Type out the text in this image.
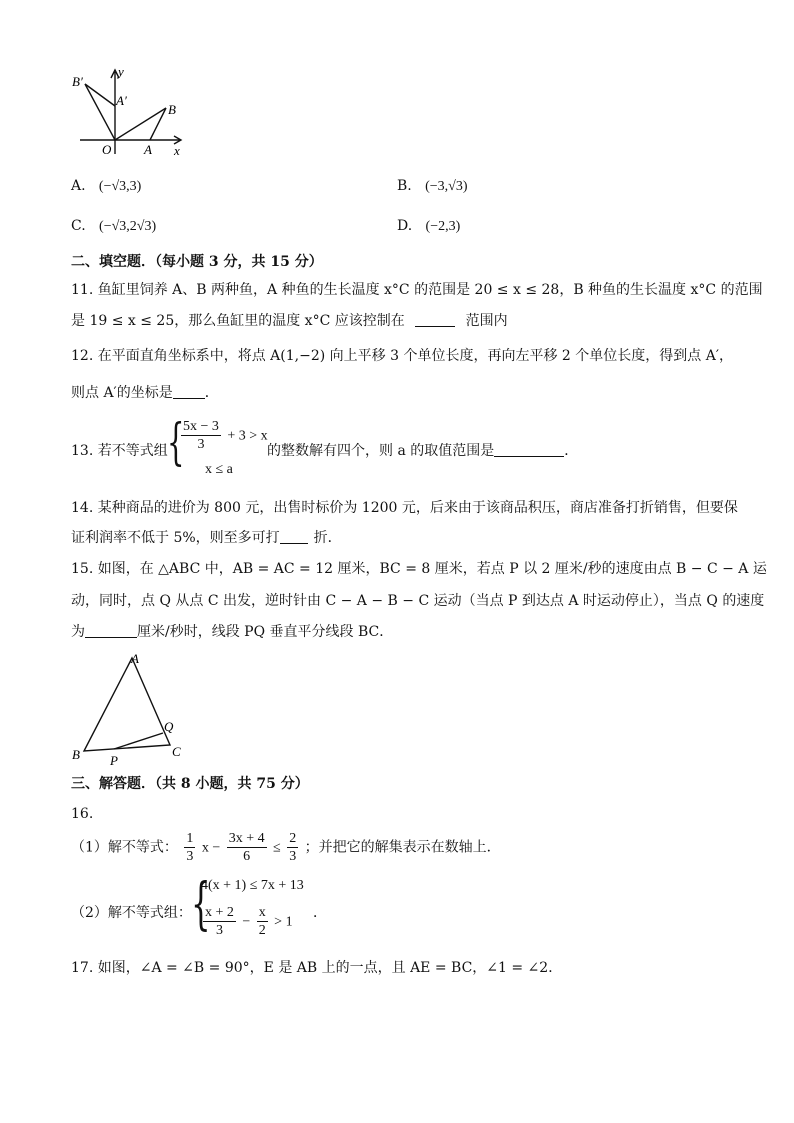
B′
y
A′
B
O	A x
A. (−√3,3)	B. (−3,√3)
C. (−√3,2√3)	D. (−2,3)
二、填空题．（每小题 3 分，共 15 分）
11. 鱼缸里饲养 A、B 两种鱼，A 种鱼的生长温度 x°C 的范围是 20 ≤ x ≤ 28，B 种鱼的生长温度 x°C 的范围
是 19 ≤ x ≤ 25，那么鱼缸里的温度 x°C 应该控制在	范围内
12. 在平面直角坐标系中，将点 A(1,−2) 向上平移 3 个单位长度，再向左平移 2 个单位长度，得到点 A′，
则点 A′的坐标是 ．
13. 若不等式组 {
$\frac{5x - 3}{3} + 3 > x$
x ≤ a
的整数解有四个，则 a 的取值范围是	．
14. 某种商品的进价为 800 元，出售时标价为 1200 元，后来由于该商品积压，商店准备打折销售，但要保
证利润率不低于 5%，则至多可打 折．
15. 如图，在 △ABC 中，AB = AC = 12 厘米，BC = 8 厘米，若点 P 以 2 厘米/秒的速度由点 B − C − A 运
动，同时，点 Q 从点 C 出发，逆时针由 C − A − B − C 运动（当点 P 到达点 A 时运动停止），当点 Q 的速度
为	厘米/秒时，线段 PQ 垂直平分线段 BC．
A
B	C
Q
P
三、解答题．（共 8 小题，共 75 分）
16.
（1）解不等式： $\frac{1}{3}$ $x - \frac{3x + 4}{6} \le \frac{2}{3}$ ；并把它的解集表示在数轴上．
（2）解不等式组： {
4(x + 1) ≤ 7x + 13
$\frac{x + 2}{3} - \frac{x}{2} > 1$
．
17. 如图，∠A = ∠B = 90°，E 是 AB 上的一点，且 AE = BC，∠1 = ∠2．
